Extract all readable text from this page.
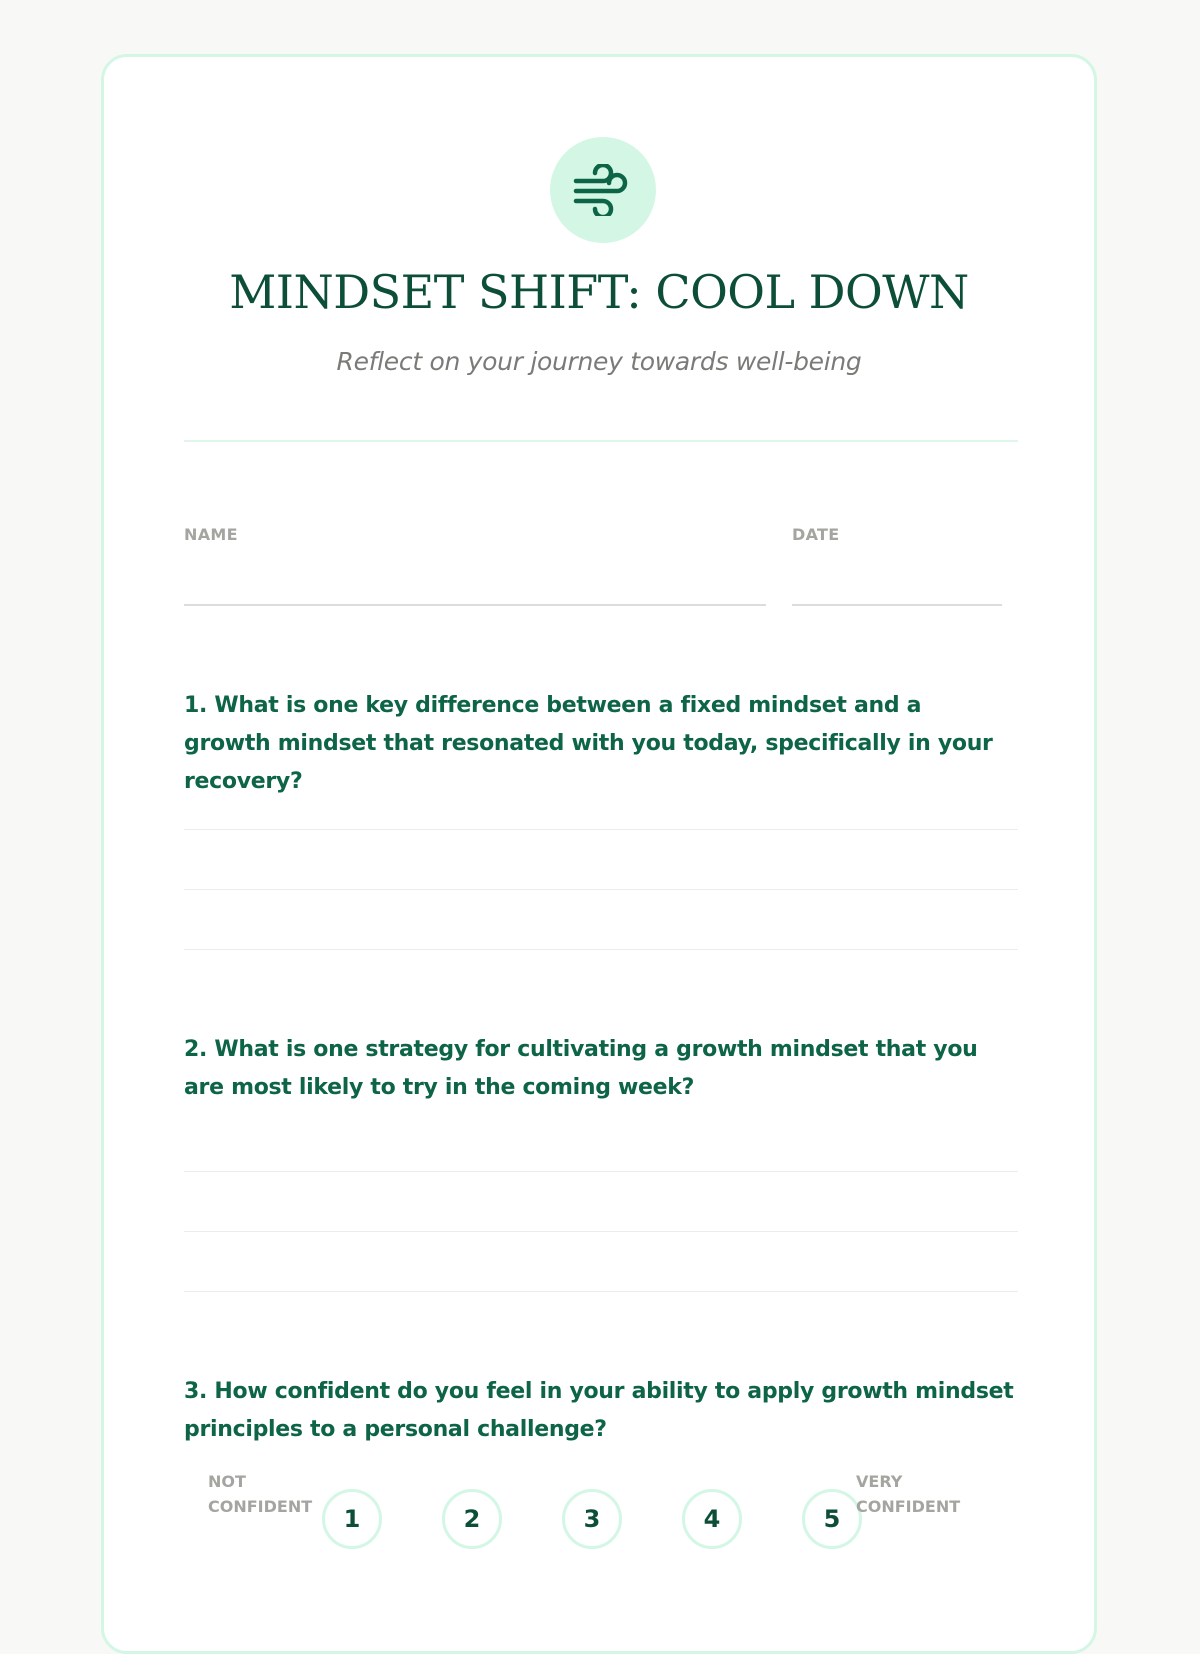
MINDSET SHIFT: COOL DOWN
Reflect on your journey towards well-being
NAME	DATE
1. What is one key difference between a fixed mindset and a growth mindset that resonated with you today, specifically in your recovery?
2. What is one strategy for cultivating a growth mindset that you are most likely to try in the coming week?
3. How confident do you feel in your ability to apply growth mindset principles to a personal challenge?
NOT
CONFIDENT	1	2	3	4	5
VERY
CONFIDENT
